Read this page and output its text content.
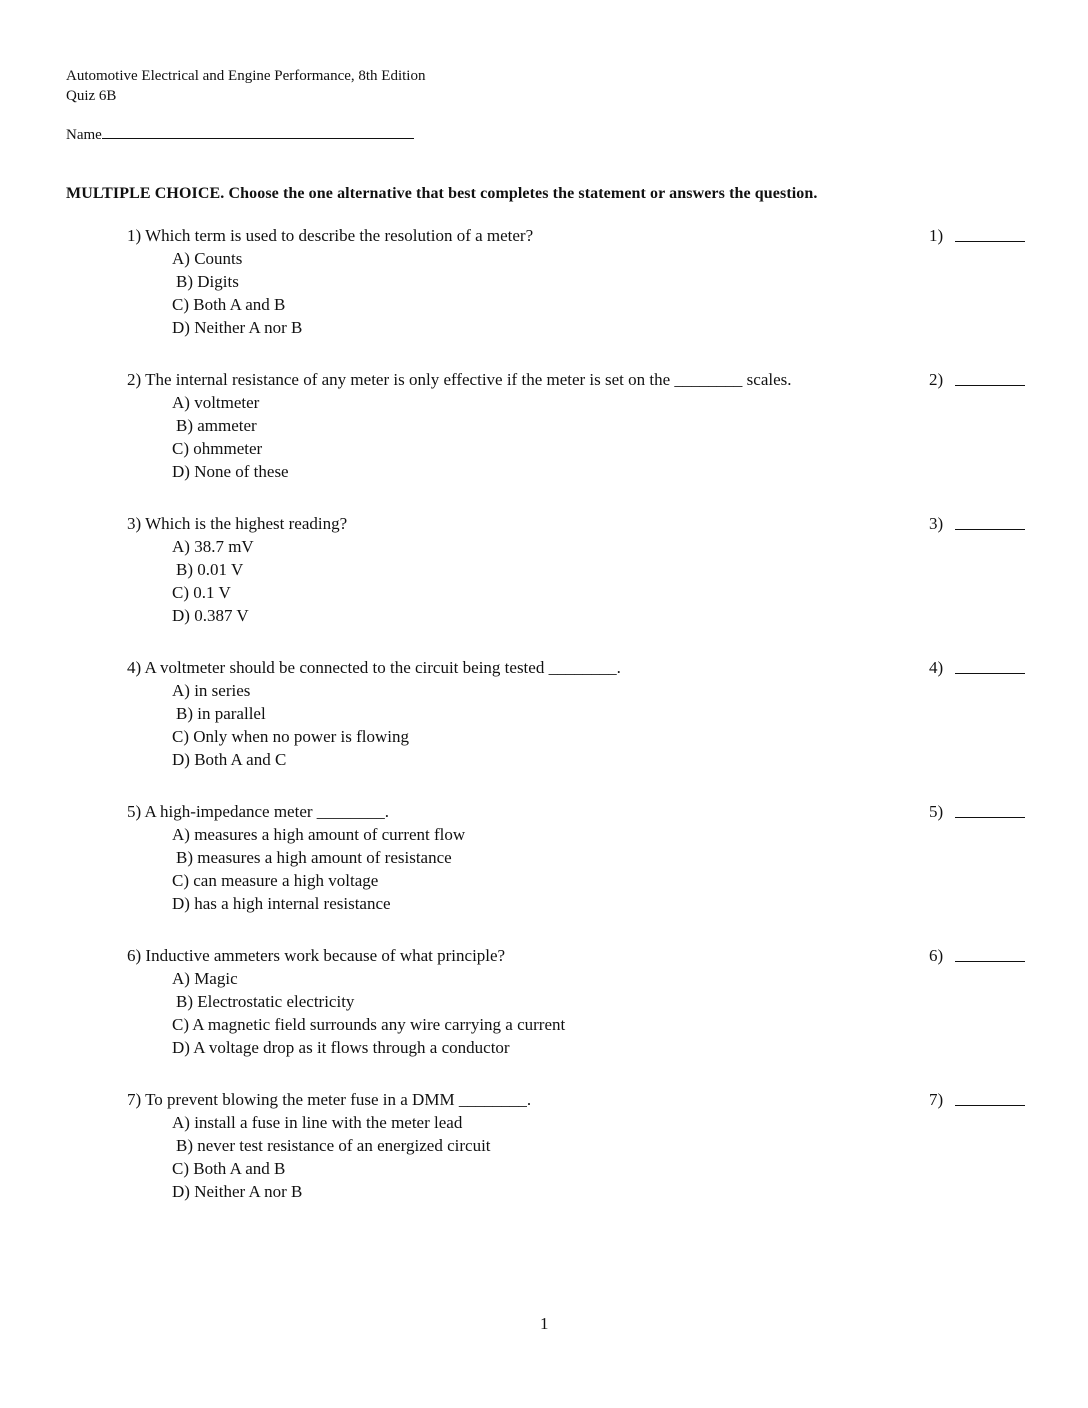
Automotive Electrical and Engine Performance, 8th Edition
Quiz 6B
Name
MULTIPLE CHOICE. Choose the one alternative that best completes the statement or answers the question.
1) Which term is used to describe the resolution of a meter?
A) Counts
B) Digits
C) Both A and B
D) Neither A nor B
1)
2) The internal resistance of any meter is only effective if the meter is set on the ________ scales.
A) voltmeter
B) ammeter
C) ohmmeter
D) None of these
2)
3) Which is the highest reading?
A) 38.7 mV
B) 0.01 V
C) 0.1 V
D) 0.387 V
3)
4) A voltmeter should be connected to the circuit being tested ________.
A) in series
B) in parallel
C) Only when no power is flowing
D) Both A and C
4)
5) A high-impedance meter ________.
A) measures a high amount of current flow
B) measures a high amount of resistance
C) can measure a high voltage
D) has a high internal resistance
5)
6) Inductive ammeters work because of what principle?
A) Magic
B) Electrostatic electricity
C) A magnetic field surrounds any wire carrying a current
D) A voltage drop as it flows through a conductor
6)
7) To prevent blowing the meter fuse in a DMM ________.
A) install a fuse in line with the meter lead
B) never test resistance of an energized circuit
C) Both A and B
D) Neither A nor B
7)
1
